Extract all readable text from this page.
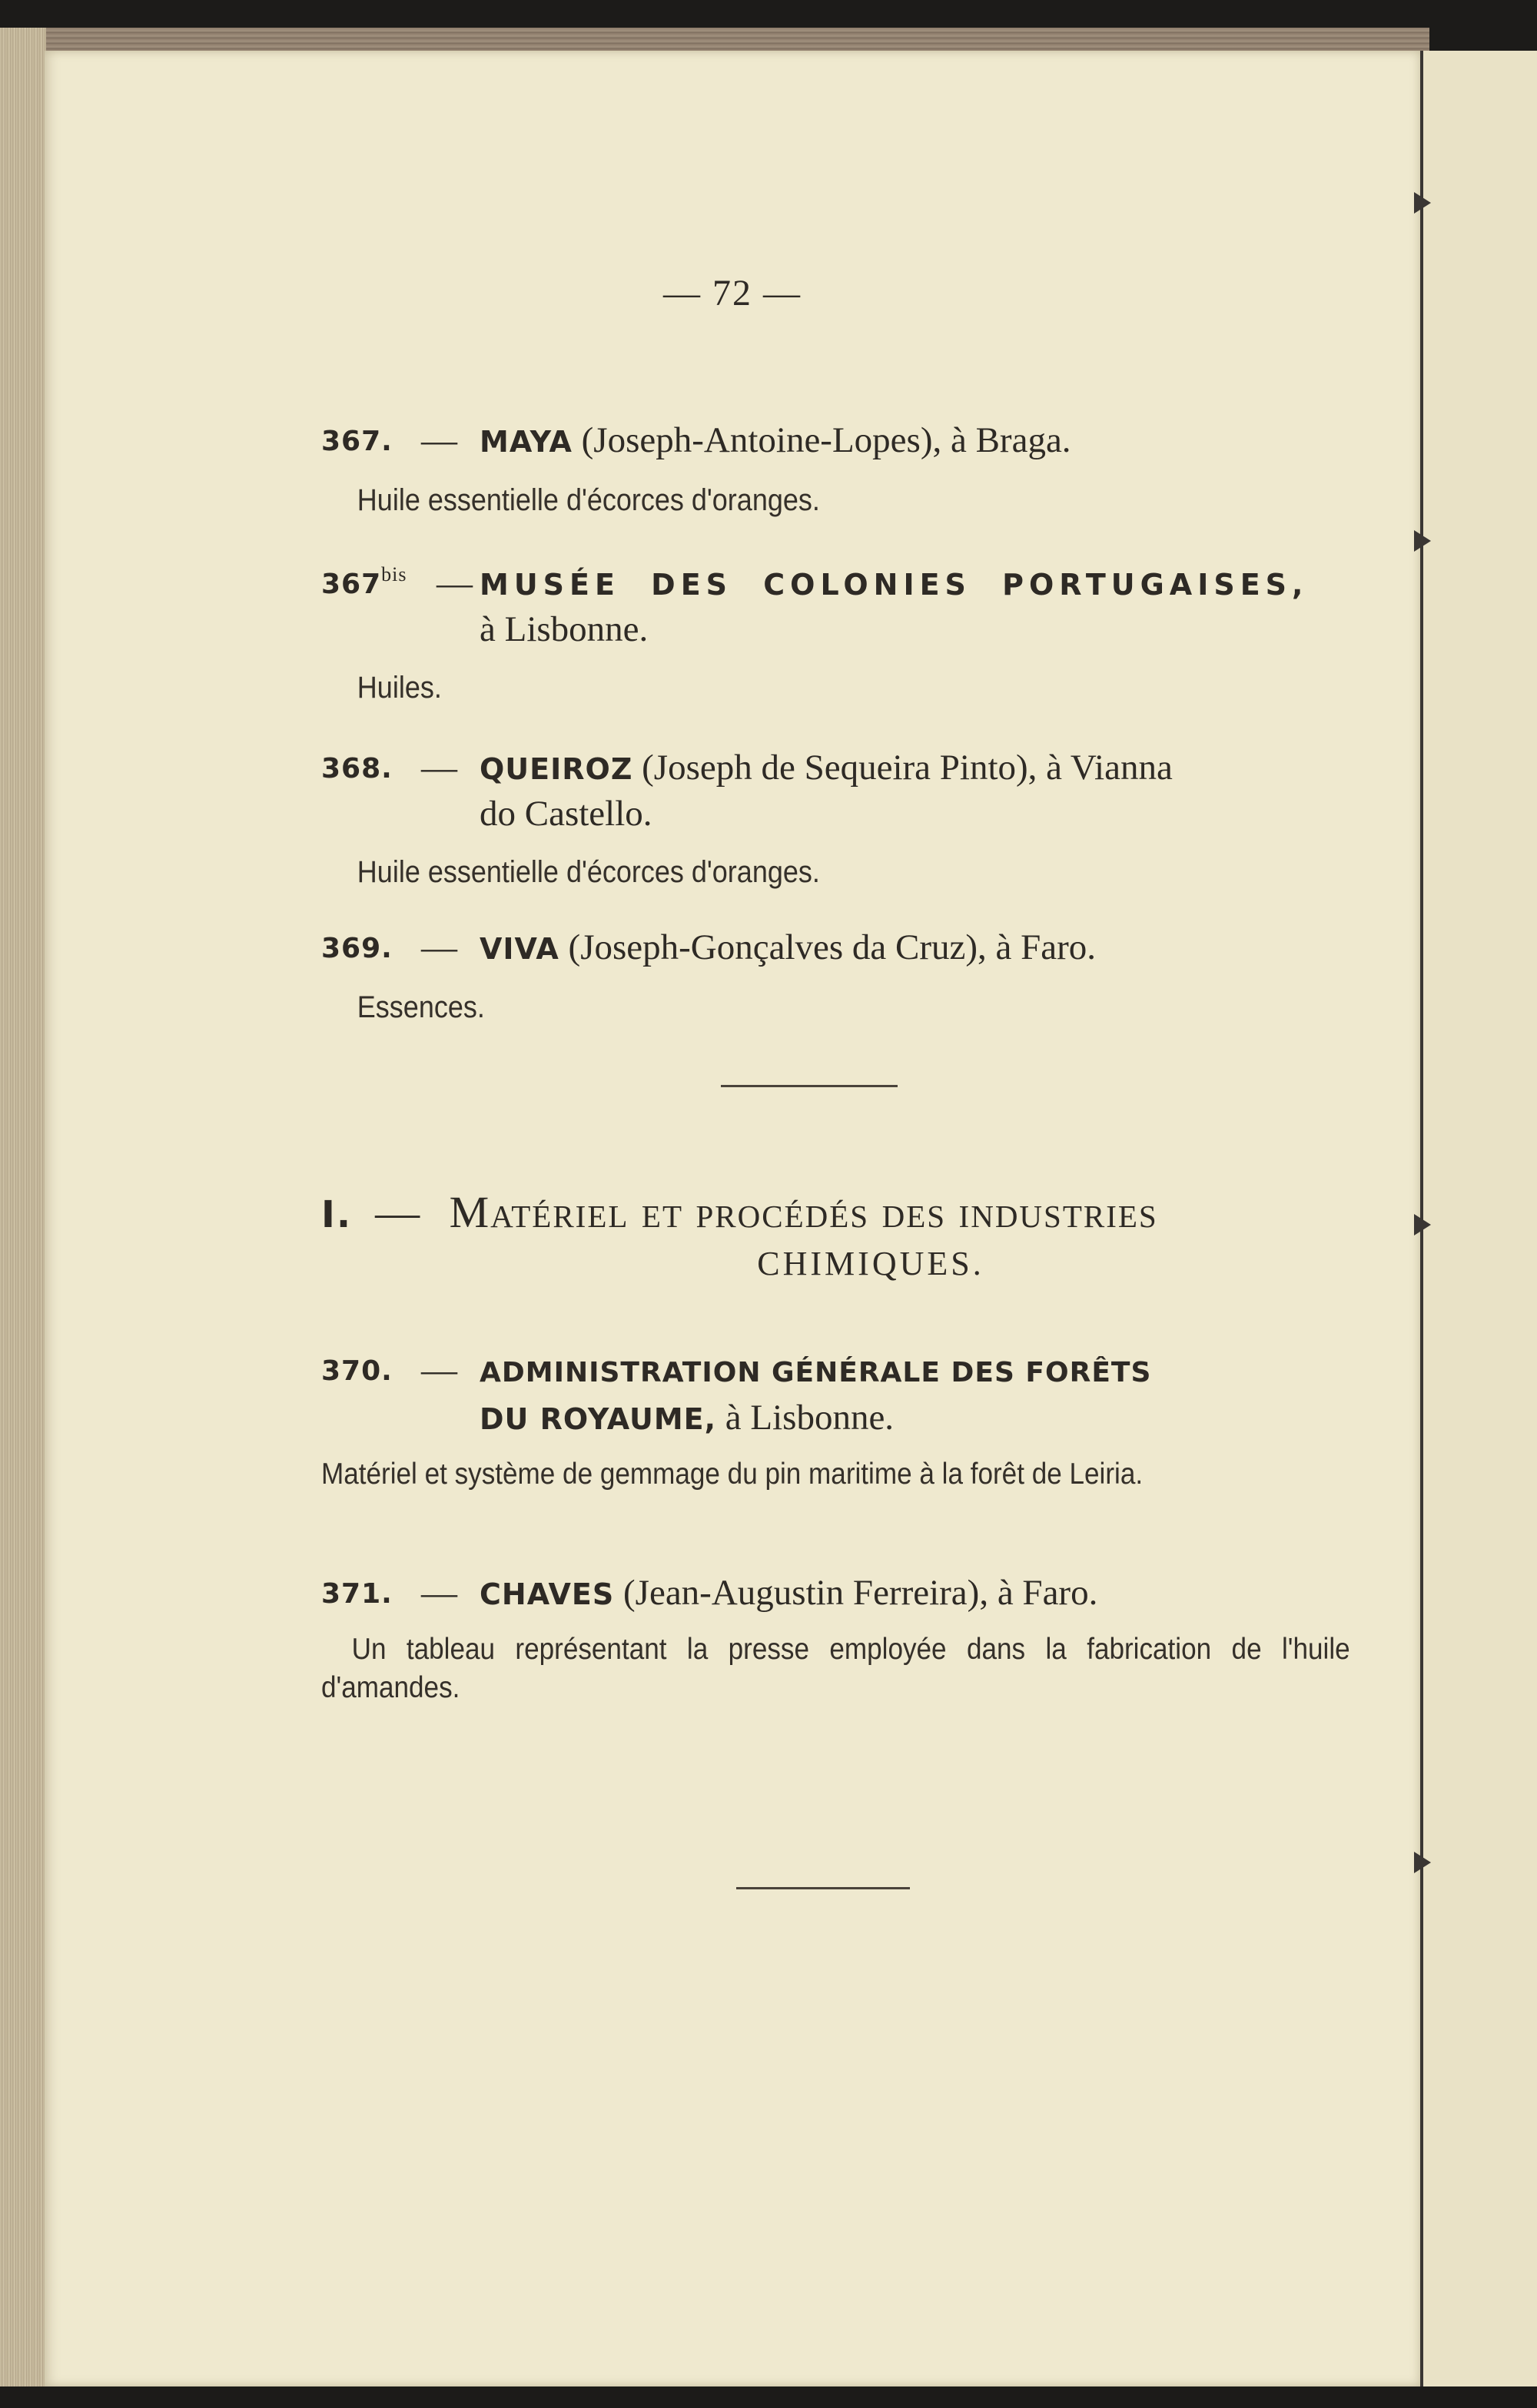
— 72 —
367. — MAYA (Joseph-Antoine-Lopes), à Braga.
Huile essentielle d'écorces d'oranges.
$367^{bis}$ — MUSÉE DES COLONIES PORTUGAISES,
à Lisbonne.
Huiles.
368. — QUEIROZ (Joseph de Sequeira Pinto), à Vianna
do Castello.
Huile essentielle d'écorces d'oranges.
369. — VIVA (Joseph-Gonçalves da Cruz), à Faro.
Essences.
I. — Matériel et procédés des industries
CHIMIQUES.
370. — ADMINISTRATION GÉNÉRALE DES FORÊTS
DU ROYAUME, à Lisbonne.
Matériel et système de gemmage du pin maritime à la forêt de Leiria.
371. — CHAVES (Jean-Augustin Ferreira), à Faro.
Un tableau représentant la presse employée dans la fabrication de l'huile d'amandes.
